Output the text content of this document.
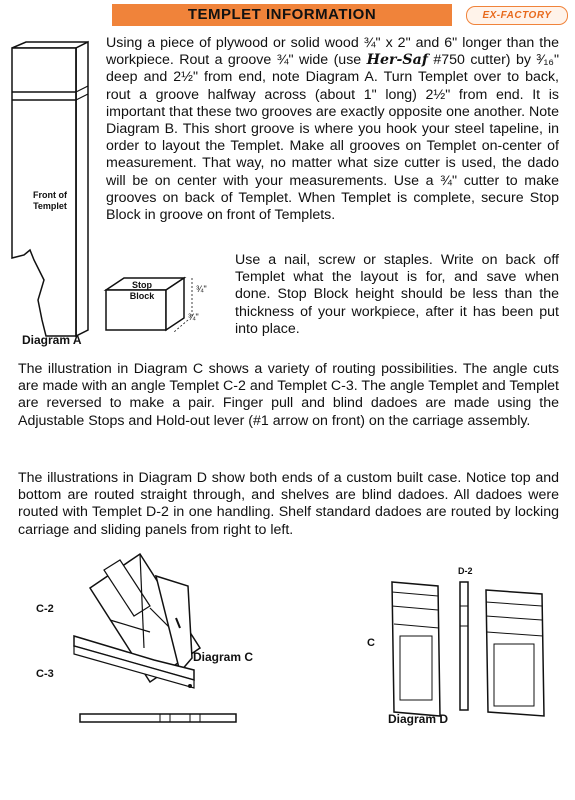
TEMPLET INFORMATION	EX-FACTORY
Front of
Templet
Diagram A

Using a piece of plywood or solid wood ¾" x 2" and 6" longer than the workpiece. Rout a groove ¾" wide (use Her-Saf #750 cutter) by ³⁄₁₆" deep and 2½" from end, note Diagram A. Turn Templet over to back, rout a groove halfway across (about 1" long) 2½" from end. It is important that these two grooves are exactly opposite one another. Note Diagram B. This short groove is where you hook your steel tapeline, in order to layout the Templet. Make all grooves on Templet on-center of measurement. That way, no matter what size cutter is used, the dado will be on center with your measurements. Use a ¾" cutter to make grooves on back of Templet. When Templet is complete, secure Stop Block in groove on front of Templets.

Stop
Block
¾"
¾"

Use a nail, screw or staples. Write on back off Templet what the layout is for, and save when done. Stop Block height should be less than the thickness of your workpiece, after it has been put into place.

The illustration in Diagram C shows a variety of routing possibilities. The angle cuts are made with an angle Templet C-2 and Templet C-3. The angle Templet and Templet are reversed to make a pair. Finger pull and blind dadoes are made using the Adjustable Stops and Hold-out lever (#1 arrow on front) on the carriage assembly.

The illustrations in Diagram D show both ends of a custom built case. Notice top and bottom are routed straight through, and shelves are blind dadoes. All dadoes were routed with Templet D-2 in one handling. Shelf standard dadoes are routed by locking carriage and sliding panels from right to left.

C-2
C-3
Diagram C
D-2
C
Diagram D
